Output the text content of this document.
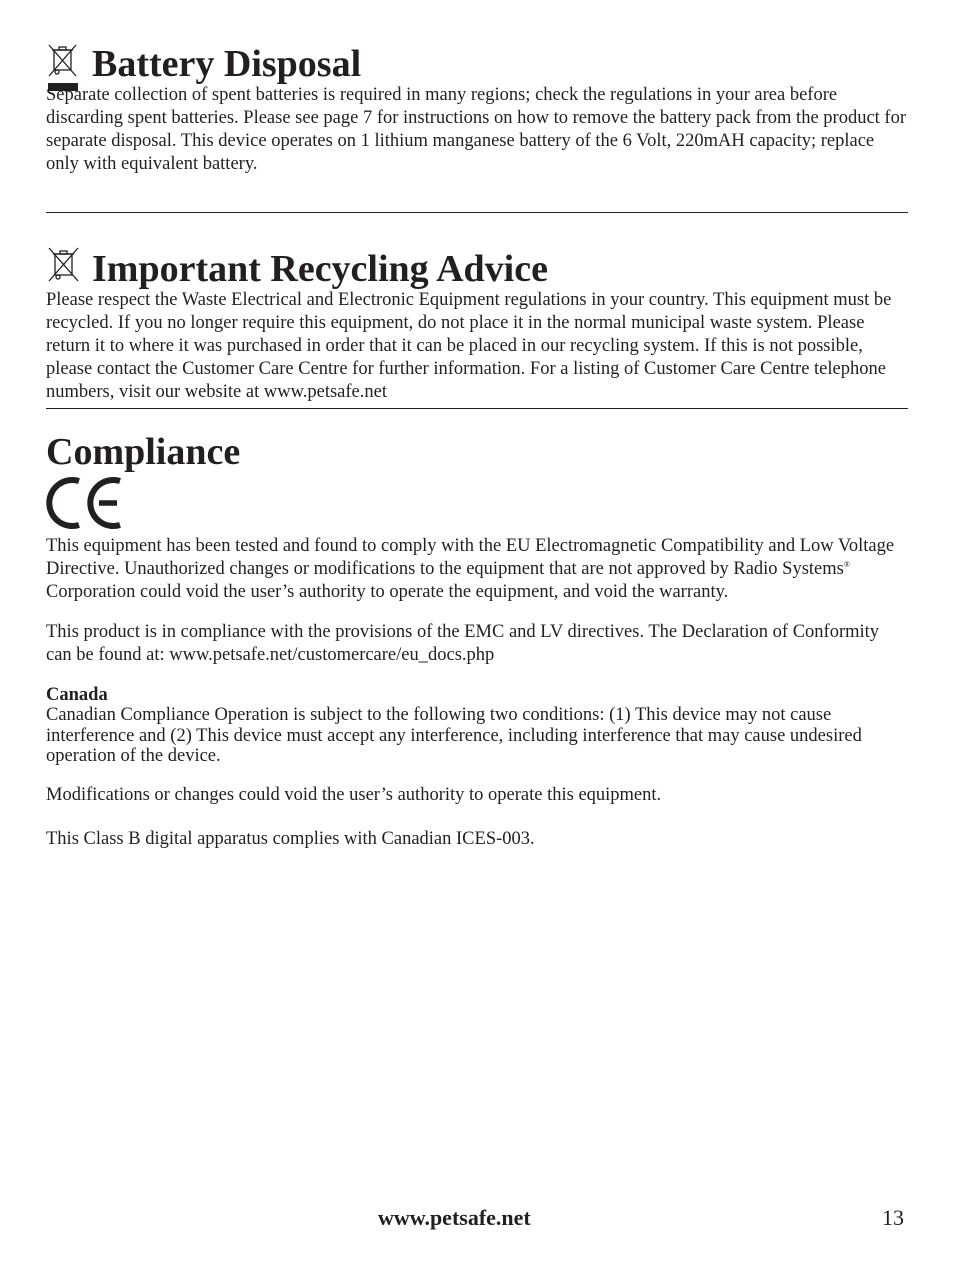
Battery Disposal

Separate collection of spent batteries is required in many regions; check the regulations in your area before discarding spent batteries. Please see page 7 for instructions on how to remove the battery pack from the product for separate disposal. This device operates on 1 lithium manganese battery of the 6 Volt, 220mAH capacity; replace only with equivalent battery.

Important Recycling Advice

Please respect the Waste Electrical and Electronic Equipment regulations in your country. This equipment must be recycled. If you no longer require this equipment, do not place it in the normal municipal waste system. Please return it to where it was purchased in order that it can be placed in our recycling system. If this is not possible, please contact the Customer Care Centre for further information. For a listing of Customer Care Centre telephone numbers, visit our website at www.petsafe.net

Compliance

This equipment has been tested and found to comply with the EU Electromagnetic Compatibility and Low Voltage Directive. Unauthorized changes or modifications to the equipment that are not approved by Radio Systems® Corporation could void the user’s authority to operate the equipment, and void the warranty.

This product is in compliance with the provisions of the EMC and LV directives. The Declaration of Conformity can be found at: www.petsafe.net/customercare/eu_docs.php

Canada

Canadian Compliance Operation is subject to the following two conditions: (1) This device may not cause interference and (2) This device must accept any interference, including interference that may cause undesired operation of the device.

Modifications or changes could void the user’s authority to operate this equipment.

This Class B digital apparatus complies with Canadian ICES-003.

www.petsafe.net	13
